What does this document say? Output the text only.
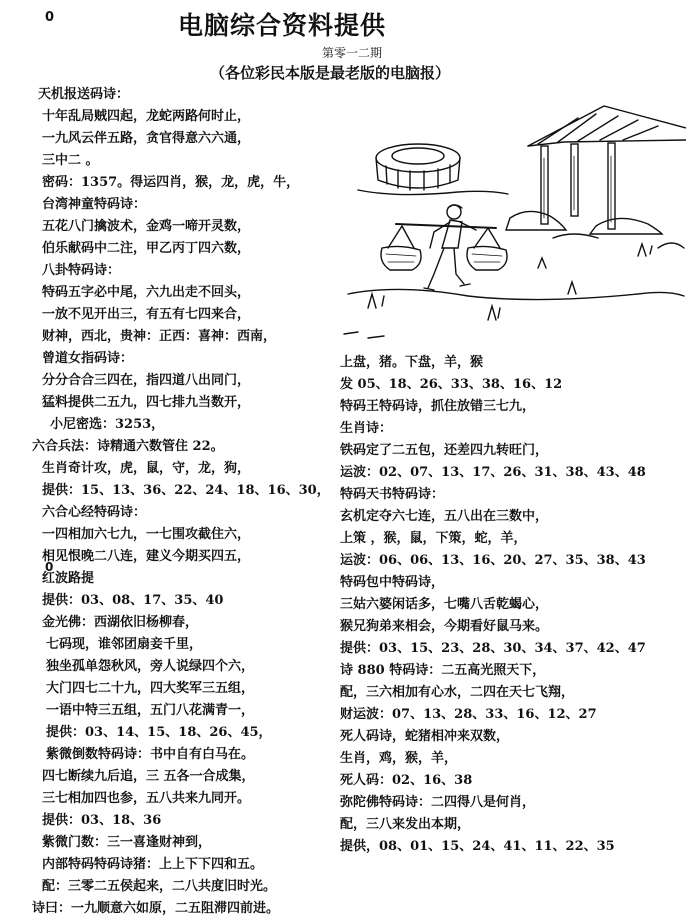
0	电脑综合资料提供
第零一二期
（各位彩民本版是最老版的电脑报）
0
天机报送码诗：
十年乱局贼四起，龙蛇两路何时止，
一九风云伴五路，贪官得意六六通，
三中二 。
密码：1357。得运四肖，猴，龙，虎，牛，
台湾神童特码诗：
五花八门擒波术，金鸡一啼开灵数，
伯乐献码中二注，甲乙丙丁四六数，
八卦特码诗：
特码五字必中尾，六九出走不回头，
一放不见开出三，有五有七四来合，
财神，西北，贵神：正西：喜神：西南，
曾道女指码诗：
分分合合三四在，指四道八出同门，
猛料提供二五九，四七排九当数开，
小尼密选：3253，
六合兵法：诗精通六数管住 22。
生肖奇计攻，虎，鼠，守，龙，狗，
提供：15、13、36、22、24、18、16、30，
六合心经特码诗：
一四相加六七九，一七围攻截住六，
相见恨晚二八连，建义今期买四五，
红波路提
提供：03、08、17、35、40
金光佛：西湖依旧杨柳春，
七码现，谁邻团扇妾千里，
独坐孤单怨秋风，旁人说绿四个六，
大门四七二十九，四大奖军三五组，
一语中特三五组，五门八花满青一，
提供：03、14、15、18、26、45，
紫微倒数特码诗：书中自有白马在。
四七断续九后追，三 五各一合成集，
三七相加四也参，五八共来九同开。
提供：03、18、36
紫微门数：三一喜逢财神到，
内部特码特码诗猪：上上下下四和五。
配：三零二五侯起来，二八共度旧时光。
诗曰：一九顺意六如原，二五阻滞四前进。
上盘，猪。下盘，羊，猴
发 05、18、26、33、38、16、12
特码王特码诗，抓住放错三七九，
生肖诗：
铁码定了二五包，还差四九转旺门，
运波：02、07、13、17、26、31、38、43、48
特码天书特码诗：
玄机定夺六七连，五八出在三数中，
上策 ，猴，鼠，下策，蛇，羊，
运波：06、06、13、16、20、27、35、38、43
特码包中特码诗，
三姑六婆闲话多，七嘴八舌乾蝎心，
猴兄狗弟来相会，今期看好鼠马来。
提供：03、15、23、28、30、34、37、42、47
诗 880 特码诗：二五高光照天下，
配，三六相加有心水，二四在天七飞翔，
财运波：07、13、28、33、16、12、27
死人码诗，蛇猪相冲来双数，
生肖，鸡，猴，羊，
死人码：02、16、38
弥陀佛特码诗：二四得八是何肖，
配，三八来发出本期，
提供，08、01、15、24、41、11、22、35
